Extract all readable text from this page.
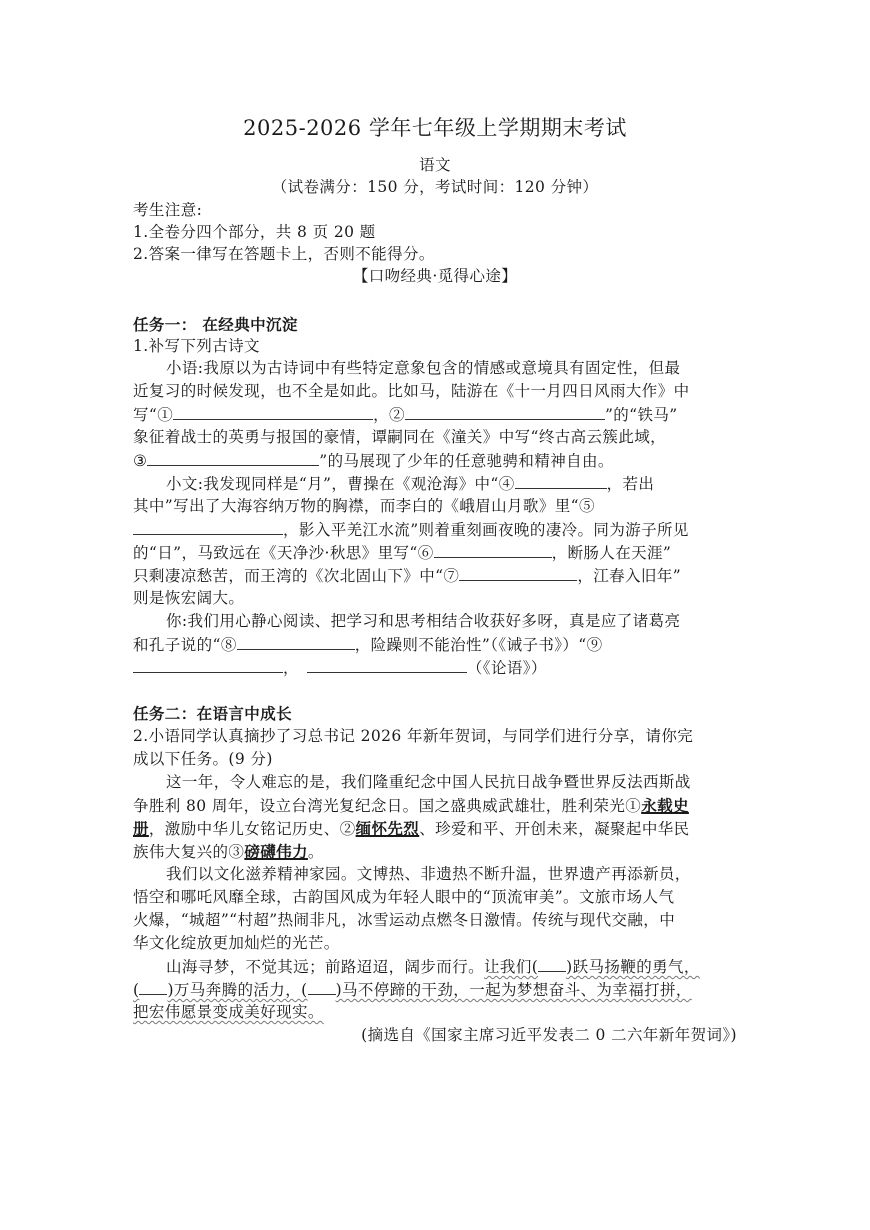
2025-2026 学年七年级上学期期末考试
语文
（试卷满分：150 分，考试时间：120 分钟）
考生注意:
1.全卷分四个部分，共 8 页 20 题
2.答案一律写在答题卡上，否则不能得分。
【口吻经典·觅得心途】
任务一： 在经典中沉淀
1.补写下列古诗文
小语:我原以为古诗词中有些特定意象包含的情感或意境具有固定性，但最
近复习的时候发现，也不全是如此。比如马，陆游在《十一月四日风雨大作》中
写“①	，②	”的“铁马”
象征着战士的英勇与报国的豪情，谭嗣同在《潼关》中写“终古高云簇此域，
③	”的马展现了少年的任意驰骋和精神自由。
小文:我发现同样是“月”，曹操在《观沧海》中“④	，若出
其中”写出了大海容纳万物的胸襟，而李白的《峨眉山月歌》里“⑤
，影入平羌江水流”则着重刻画夜晚的凄冷。同为游子所见
的“日”，马致远在《天净沙·秋思》里写“⑥	，断肠人在天涯”
只剩凄凉愁苦，而王湾的《次北固山下》中“⑦	，江春入旧年”
则是恢宏阔大。
你:我们用心静心阅读、把学习和思考相结合收获好多呀，真是应了诸葛亮
和孔子说的“⑧	，险躁则不能治性”（《诫子书》）“⑨
，	（《论语》）
任务二：在语言中成长
2.小语同学认真摘抄了习总书记 2026 年新年贺词，与同学们进行分享，请你完
成以下任务。(9 分)
这一年，令人难忘的是，我们隆重纪念中国人民抗日战争暨世界反法西斯战
争胜利 80 周年，设立台湾光复纪念日。国之盛典威武雄壮，胜利荣光①永载史
册，激励中华儿女铭记历史、②缅怀先烈、珍爱和平、开创未来，凝聚起中华民
族伟大复兴的③磅礴伟力。
我们以文化滋养精神家园。文博热、非遗热不断升温，世界遗产再添新员，
悟空和哪吒风靡全球，古韵国风成为年轻人眼中的“顶流审美”。文旅市场人气
火爆，“城超”“村超”热闹非凡，冰雪运动点燃冬日激情。传统与现代交融，中
华文化绽放更加灿烂的光芒。
山海寻梦，不觉其远；前路迢迢，阔步而行。让我们( )跃马扬鞭的勇气，
( )万马奔腾的活力，( )马不停蹄的干劲，一起为梦想奋斗、为幸福打拼，
把宏伟愿景变成美好现实。
(摘选自《国家主席习近平发表二 0 二六年新年贺词》)
